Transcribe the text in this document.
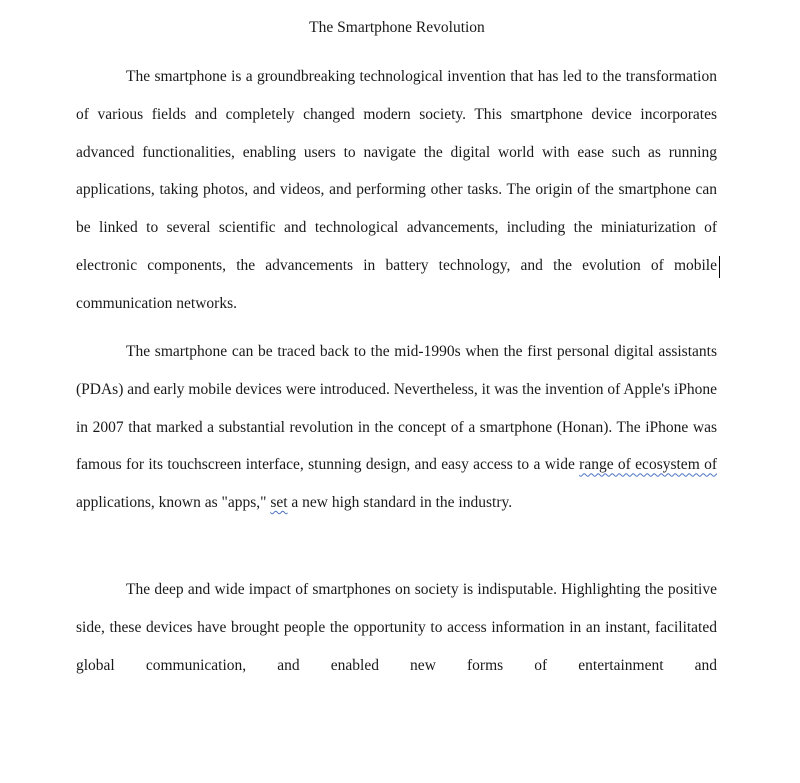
The Smartphone Revolution

The smartphone is a groundbreaking technological invention that has led to the transformation of various fields and completely changed modern society. This smartphone device incorporates advanced functionalities, enabling users to navigate the digital world with ease such as running applications, taking photos, and videos, and performing other tasks. The origin of the smartphone can be linked to several scientific and technological advancements, including the miniaturization of electronic components, the advancements in battery technology, and the evolution of mobile communication networks.

The smartphone can be traced back to the mid-1990s when the first personal digital assistants (PDAs) and early mobile devices were introduced. Nevertheless, it was the invention of Apple's iPhone in 2007 that marked a substantial revolution in the concept of a smartphone (Honan). The iPhone was famous for its touchscreen interface, stunning design, and easy access to a wide range of ecosystem of applications, known as "apps," set a new high standard in the industry.

The deep and wide impact of smartphones on society is indisputable. Highlighting the positive side, these devices have brought people the opportunity to access information in an instant, facilitated global communication, and enabled new forms of entertainment and
